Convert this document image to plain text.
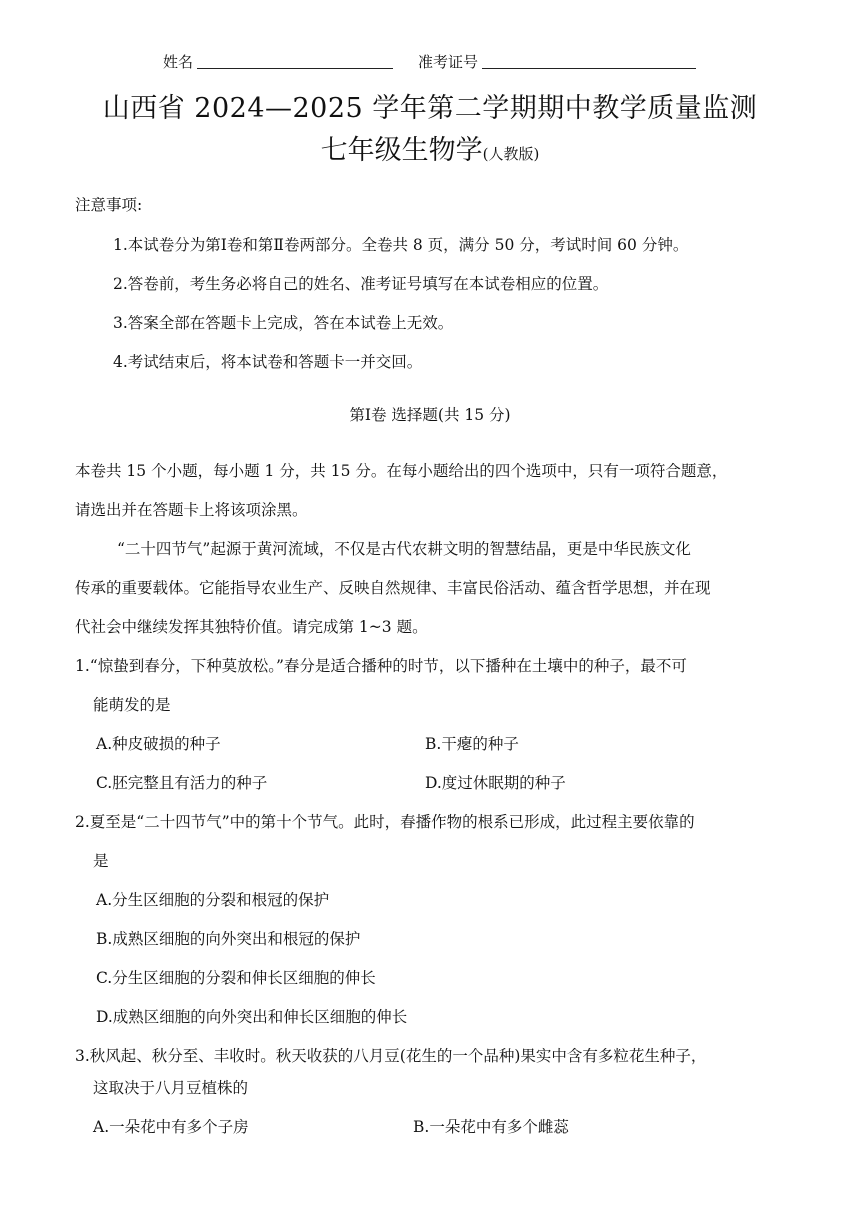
姓名	准考证号
山西省 2024—2025 学年第二学期期中教学质量监测
七年级生物学(人教版)
注意事项:
1.本试卷分为第Ⅰ卷和第Ⅱ卷两部分。全卷共 8 页，满分 50 分，考试时间 60 分钟。
2.答卷前，考生务必将自己的姓名、准考证号填写在本试卷相应的位置。
3.答案全部在答题卡上完成，答在本试卷上无效。
4.考试结束后，将本试卷和答题卡一并交回。
第Ⅰ卷 选择题(共 15 分)
本卷共 15 个小题，每小题 1 分，共 15 分。在每小题给出的四个选项中，只有一项符合题意，
请选出并在答题卡上将该项涂黑。
“二十四节气”起源于黄河流域，不仅是古代农耕文明的智慧结晶，更是中华民族文化
传承的重要载体。它能指导农业生产、反映自然规律、丰富民俗活动、蕴含哲学思想，并在现
代社会中继续发挥其独特价值。请完成第 1~3 题。
1.“惊蛰到春分，下种莫放松。”春分是适合播种的时节，以下播种在土壤中的种子，最不可
能萌发的是
A.种皮破损的种子	B.干瘪的种子
C.胚完整且有活力的种子	D.度过休眠期的种子
2.夏至是“二十四节气”中的第十个节气。此时，春播作物的根系已形成，此过程主要依靠的
是
A.分生区细胞的分裂和根冠的保护
B.成熟区细胞的向外突出和根冠的保护
C.分生区细胞的分裂和伸长区细胞的伸长
D.成熟区细胞的向外突出和伸长区细胞的伸长
3.秋风起、秋分至、丰收时。秋天收获的八月豆(花生的一个品种)果实中含有多粒花生种子，
这取决于八月豆植株的
A.一朵花中有多个子房	B.一朵花中有多个雌蕊
